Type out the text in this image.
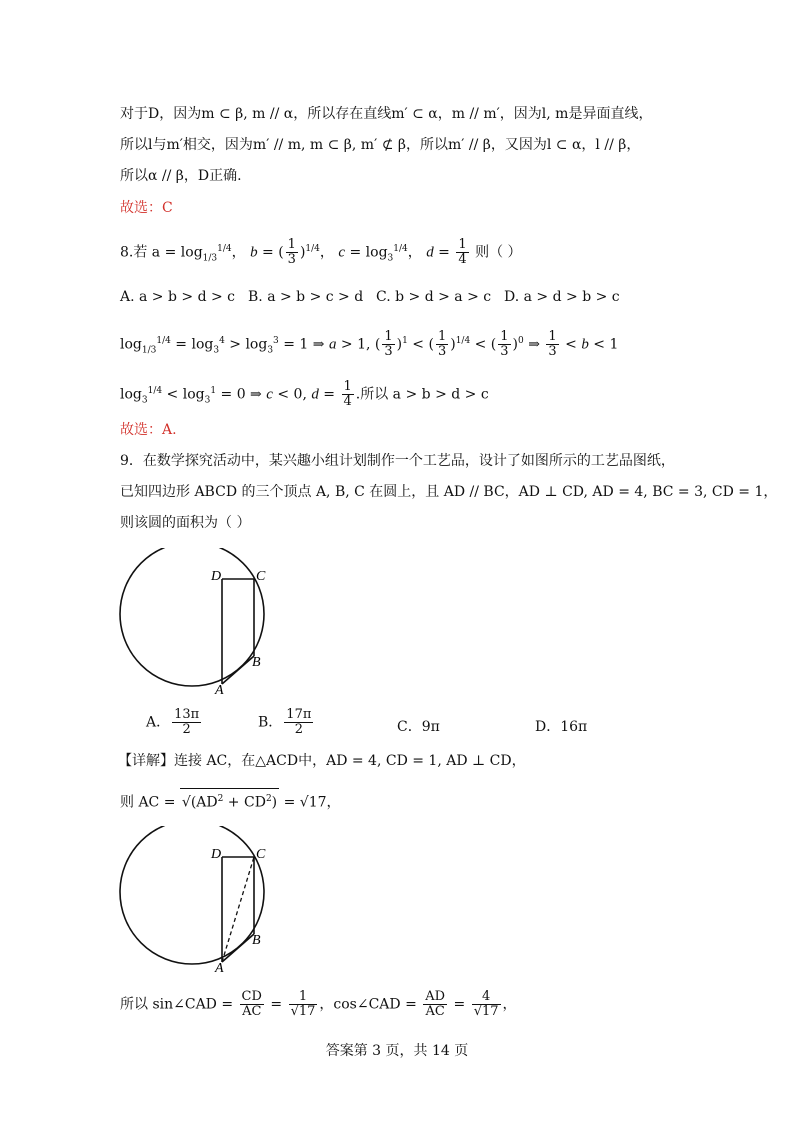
对于D，因为m ⊂ β, m // α，所以存在直线m′ ⊂ α，m // m′，因为l, m是异面直线，
所以l与m′相交，因为m′ // m, m ⊂ β, m′ ⊄ β，所以m′ // β，又因为l ⊂ α，l // β，
所以α // β，D正确.
故选：C
8.若 $a = \log_{1/3}^{1/4}$， b = ( $\frac{1}{3} )^{1/4}$， $c = \log_3^{1/4}$， $d = \frac{1}{4}$ 则（ ）
A. a > b > d > c B. a > b > c > d C. b > d > a > c D. a > d > b > c
$\log_{1/3}^{1/4} = \log_3^4 > \log_3^3 = 1$ ⇒ a > 1, ( $\frac{1}{3} )^1$ < ( $\frac{1}{3} )^{1/4}$ < ( $\frac{1}{3} )^0$ ⇒ $\frac{1}{3} < b < 1$
$\log_3^{1/4} < \log_3^1 = 0$ ⇒ c < 0, $d = \frac{1}{4}$ .所以 a > b > d > c
故选：A.
9．在数学探究活动中，某兴趣小组计划制作一个工艺品，设计了如图所示的工艺品图纸，
已知四边形 ABCD 的三个顶点 A, B, C 在圆上，且 AD // BC，AD ⊥ CD, AD = 4, BC = 3, CD = 1，
则该圆的面积为（ ）
D C
B
A
A． $\frac{13\pi}{2}$	B． $\frac{17\pi}{2}$	C．9π	D．16π
【详解】连接 AC，在△ACD中，AD = 4, CD = 1, AD ⊥ CD，
则 AC = $√(AD^2 + CD^2) = √17$，
D C
B
A
所以 sin∠CAD = $\frac{CD}{AC} = \frac{1}{√17}$ ，cos∠CAD = $\frac{AD}{AC} = \frac{4}{√17}$ ，
答案第 3 页，共 14 页
